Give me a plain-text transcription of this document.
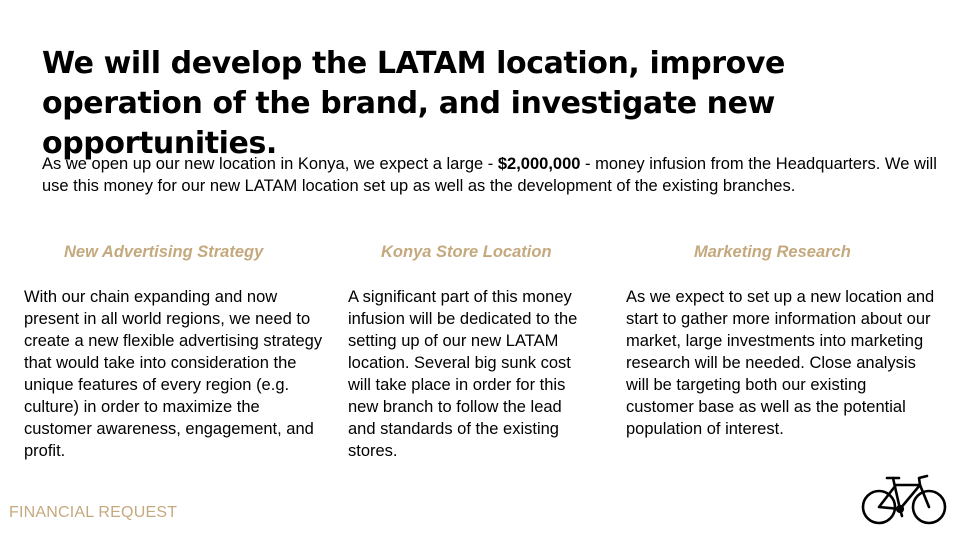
We will develop the LATAM location, improve operation of the brand, and investigate new opportunities.

As we open up our new location in Konya, we expect a large - $2,000,000 - money infusion from the Headquarters. We will use this money for our new LATAM location set up as well as the development of the existing branches.

New Advertising Strategy

With our chain expanding and now present in all world regions, we need to create a new flexible advertising strategy that would take into consideration the unique features of every region (e.g. culture) in order to maximize the customer awareness, engagement, and profit.

Konya Store Location

A significant part of this money infusion will be dedicated to the setting up of our new LATAM location. Several big sunk cost will take place in order for this new branch to follow the lead and standards of the existing stores.

Marketing Research

As we expect to set up a new location and start to gather more information about our market, large investments into marketing research will be needed. Close analysis will be targeting both our existing customer base as well as the potential population of interest.

FINANCIAL REQUEST
